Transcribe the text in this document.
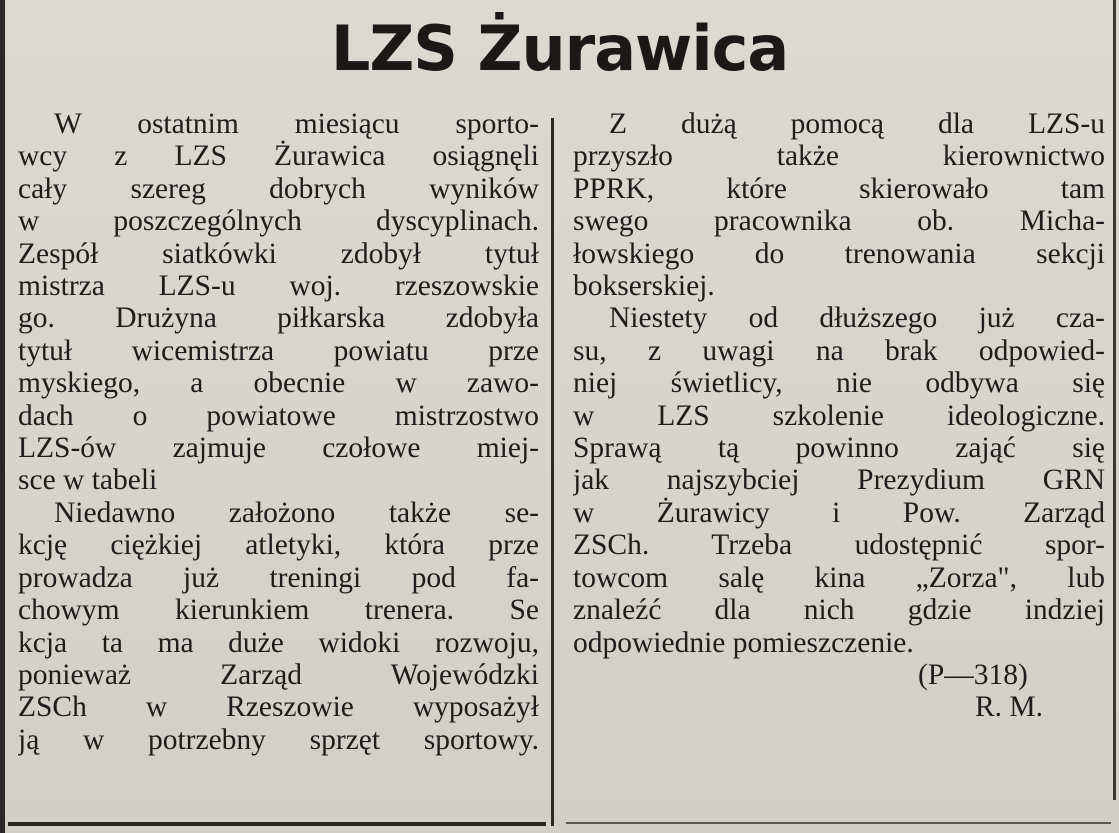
LZS Żurawica
W ostatnim miesiącu sporto-
wcy z LZS Żurawica osiągnęli
cały szereg dobrych wyników
w poszczególnych dyscyplinach.
Zespół siatkówki zdobył tytuł
mistrza LZS-u woj. rzeszowskie
go. Drużyna piłkarska zdobyła
tytuł wicemistrza powiatu prze
myskiego, a obecnie w zawo-
dach o powiatowe mistrzostwo
LZS-ów zajmuje czołowe miej-
sce w tabeli
Niedawno założono także se-
kcję ciężkiej atletyki, która prze
prowadza już treningi pod fa-
chowym kierunkiem trenera. Se
kcja ta ma duże widoki rozwoju,
ponieważ Zarząd Wojewódzki
ZSCh w Rzeszowie wyposażył
ją w potrzebny sprzęt sportowy.
Z dużą pomocą dla LZS-u
przyszło także kierownictwo
PPRK, które skierowało tam
swego pracownika ob. Micha-
łowskiego do trenowania sekcji
bokserskiej.
Niestety od dłuższego już cza-
su, z uwagi na brak odpowied-
niej świetlicy, nie odbywa się
w LZS szkolenie ideologiczne.
Sprawą tą powinno zająć się
jak najszybciej Prezydium GRN
w Żurawicy i Pow. Zarząd
ZSCh. Trzeba udostępnić spor-
towcom salę kina „Zorza", lub
znaleźć dla nich gdzie indziej
odpowiednie pomieszczenie.
(P—318)
R. M.
